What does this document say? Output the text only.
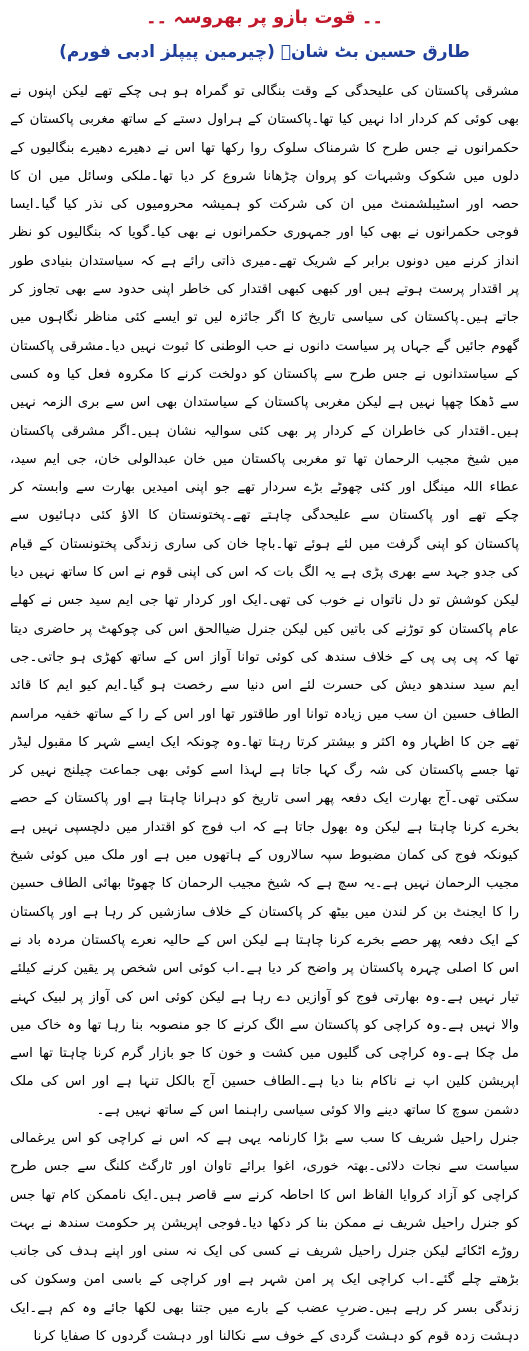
۔۔ قوت بازو پر بھروسہ ۔۔
طارق حسین بٹ شانؔ (چیرمین پیپلز ادبی فورم)

مشرقی پاکستان کی علیحدگی کے وقت بنگالی تو گمراہ ہو ہی چکے تھے لیکن اپنوں نے بھی کوئی کم کردار ادا نہیں کیا تھا۔پاکستان کے ہراول دستے کے ساتھ مغربی پاکستان کے حکمرانوں نے جس طرح کا شرمناک سلوک روا رکھا تھا اس نے دھیرے دھیرے بنگالیوں کے دلوں میں شکوک وشبہات کو پروان چڑھانا شروع کر دیا تھا۔ملکی وسائل میں ان کا حصہ اور اسٹیبلشمنٹ میں ان کی شرکت کو ہمیشہ محرومیوں کی نذر کیا گیا۔ایسا فوجی حکمرانوں نے بھی کیا اور جمہوری حکمرانوں نے بھی کیا۔گویا کہ بنگالیوں کو نظر انداز کرنے میں دونوں برابر کے شریک تھے۔میری ذاتی رائے ہے کہ سیاستدان بنیادی طور پر اقتدار پرست ہوتے ہیں اور کبھی کبھی اقتدار کی خاطر اپنی حدود سے بھی تجاوز کر جاتے ہیں۔پاکستان کی سیاسی تاریخ کا اگر جائزہ لیں تو ایسے کئی مناظر نگاہوں میں گھوم جائیں گے جہاں پر سیاست دانوں نے حب الوطنی کا ثبوت نہیں دیا۔مشرقی پاکستان کے سیاستدانوں نے جس طرح سے پاکستان کو دولخت کرنے کا مکروہ فعل کیا وہ کسی سے ڈھکا چھپا نہیں ہے لیکن مغربی پاکستان کے سیاستدان بھی اس سے بری الزمہ نہیں ہیں۔اقتدار کی خاطران کے کردار پر بھی کئی سوالیہ نشان ہیں۔اگر مشرقی پاکستان میں شیخ مجیب الرحمان تھا تو مغربی پاکستان میں خان عبدالولی خان، جی ایم سید، عطاء اللہ مینگل اور کئی چھوٹے بڑے سردار تھے جو اپنی امیدیں بھارت سے وابستہ کر چکے تھے اور پاکستان سے علیحدگی چاہتے تھے۔پختونستان کا الاؤ کئی دہائیوں سے پاکستان کو اپنی گرفت میں لئے ہوئے تھا۔باچا خان کی ساری زندگی پختونستان کے قیام کی جدو جہد سے بھری پڑی ہے یہ الگ بات کہ اس کی اپنی قوم نے اس کا ساتھ نہیں دیا لیکن کوشش تو دل ناتواں نے خوب کی تھی۔ایک اور کردار تھا جی ایم سید جس نے کھلے عام پاکستان کو توڑنے کی باتیں کیں لیکن جنرل ضیاالحق اس کی چوکھٹ پر حاضری دیتا تھا کہ پی پی پی کے خلاف سندھ کی کوئی توانا آواز اس کے ساتھ کھڑی ہو جاتی۔جی ایم سید سندھو دیش کی حسرت لئے اس دنیا سے رخصت ہو گیا۔ایم کیو ایم کا قائد الطاف حسین ان سب میں زیادہ توانا اور طاقتور تھا اور اس کے را کے ساتھ خفیہ مراسم تھے جن کا اظہار وہ اکثر و بیشتر کرتا رہتا تھا۔وہ چونکہ ایک ایسے شہر کا مقبول لیڈر تھا جسے پاکستان کی شہ رگ کہا جاتا ہے لہذا اسے کوئی بھی جماعت چیلنج نہیں کر سکتی تھی۔آج بھارت ایک دفعہ پھر اسی تاریخ کو دہرانا چاہتا ہے اور پاکستان کے حصے بخرے کرنا چاہتا ہے لیکن وہ بھول جاتا ہے کہ اب فوج کو اقتدار میں دلچسپی نہیں ہے کیونکہ فوج کی کمان مضبوط سپہ سالاروں کے ہاتھوں میں ہے اور ملک میں کوئی شیخ مجیب الرحمان نہیں ہے۔یہ سچ ہے کہ شیخ مجیب الرحمان کا چھوٹا بھائی الطاف حسین را کا ایجنٹ بن کر لندن میں بیٹھ کر پاکستان کے خلاف سازشیں کر رہا ہے اور پاکستان کے ایک دفعہ پھر حصے بخرے کرنا چاہتا ہے لیکن اس کے حالیہ نعرے پاکستان مردہ باد نے اس کا اصلی چہرہ پاکستان پر واضح کر دیا ہے۔اب کوئی اس شخص پر یقین کرنے کیلئے تیار نہیں ہے۔وہ بھارتی فوج کو آوازیں دے رہا ہے لیکن کوئی اس کی آواز پر لبیک کہنے والا نہیں ہے۔وہ کراچی کو پاکستان سے الگ کرنے کا جو منصوبہ بنا رہا تھا وہ خاک میں مل چکا ہے۔وہ کراچی کی گلیوں میں کشت و خون کا جو بازار گرم کرنا چاہتا تھا اسے اپریشن کلین اپ نے ناکام بنا دیا ہے۔الطاف حسین آج بالکل تنہا ہے اور اس کی ملک دشمن سوچ کا ساتھ دینے والا کوئی سیاسی راہنما اس کے ساتھ نہیں ہے۔

جنرل راحیل شریف کا سب سے بڑا کارنامہ یہی ہے کہ اس نے کراچی کو اس یرغمالی سیاست سے نجات دلائی۔بھتہ خوری، اغوا برائے تاوان اور ٹارگٹ کلنگ سے جس طرح کراچی کو آزاد کروایا الفاظ اس کا احاطہ کرنے سے قاصر ہیں۔ایک ناممکن کام تھا جس کو جنرل راحیل شریف نے ممکن بنا کر دکھا دیا۔فوجی اپریشن پر حکومت سندھ نے بہت روڑے اٹکائے لیکن جنرل راحیل شریف نے کسی کی ایک نہ سنی اور اپنے ہدف کی جانب بڑھتے چلے گئے۔اب کراچی ایک پر امن شہر ہے اور کراچی کے باسی امن وسکون کی زندگی بسر کر رہے ہیں۔ضربِ عضب کے بارے میں جتنا بھی لکھا جائے وہ کم ہے۔ایک دہشت زدہ قوم کو دہشت گردی کے خوف سے نکالنا اور دہشت گردوں کا صفایا کرنا
